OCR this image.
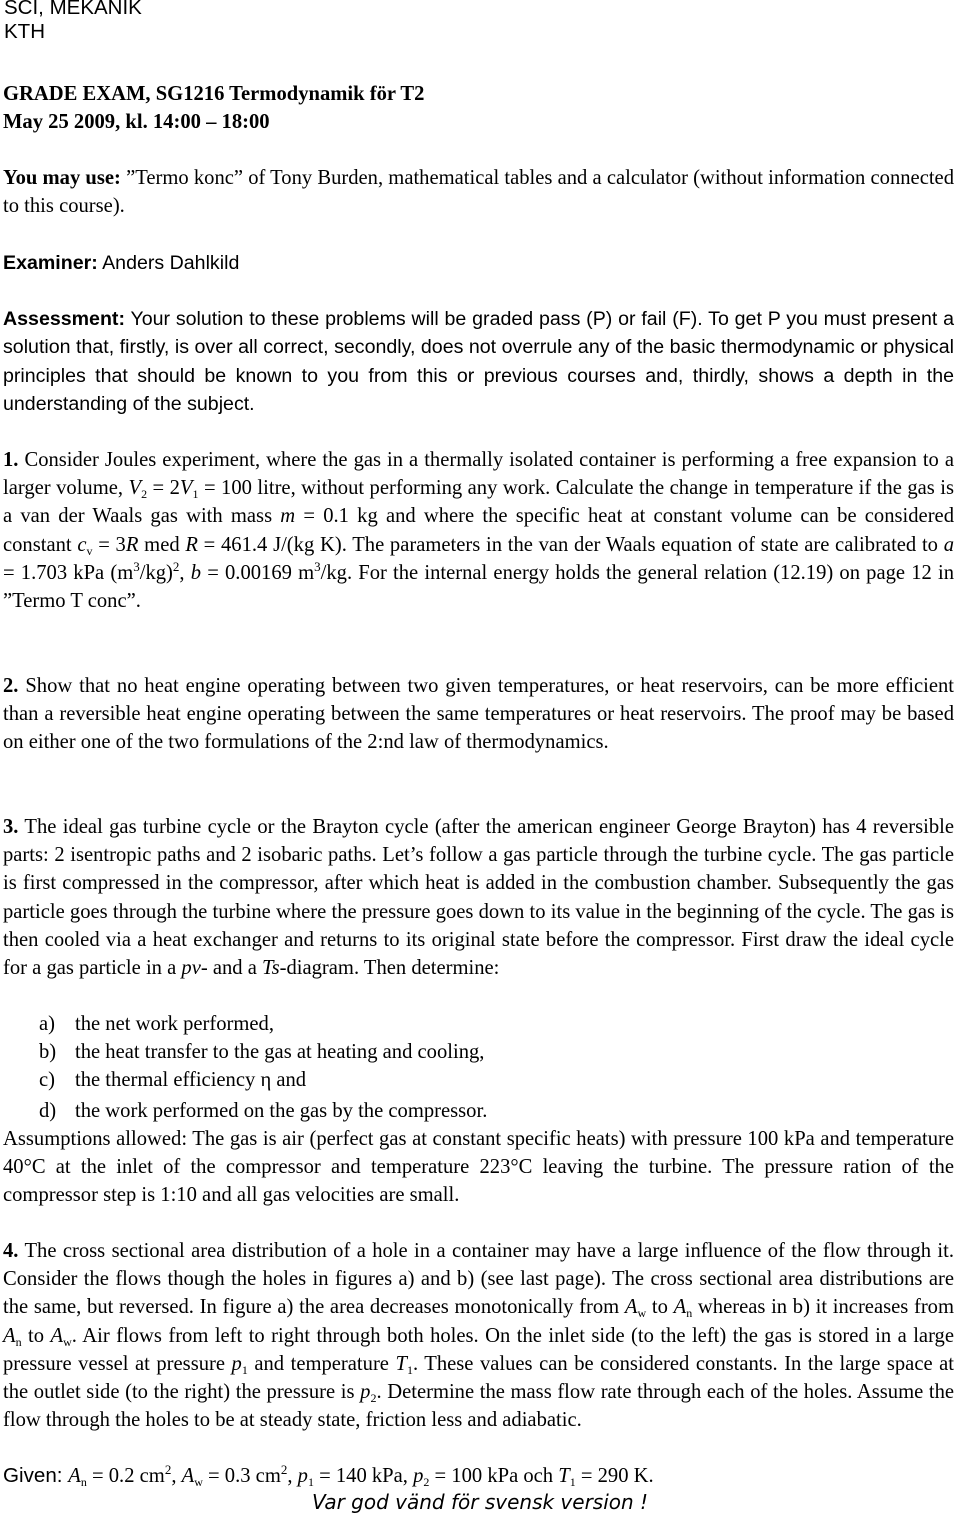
SCI, MEKANIK
KTH
GRADE EXAM, SG1216 Termodynamik för T2
May 25 2009, kl. 14:00 – 18:00
You may use: ”Termo konc” of Tony Burden, mathematical tables and a calculator (without information connected to this course).
Examiner: Anders Dahlkild
Assessment: Your solution to these problems will be graded pass (P) or fail (F). To get P you must present a solution that, firstly, is over all correct, secondly, does not overrule any of the basic thermodynamic or physical principles that should be known to you from this or previous courses and, thirdly, shows a depth in the understanding of the subject.
1. Consider Joules experiment, where the gas in a thermally isolated container is performing a free expansion to a larger volume, $V_2 = 2V_1 = 100$ litre, without performing any work. Calculate the change in temperature if the gas is a van der Waals gas with mass m = 0.1 kg and where the specific heat at constant volume can be considered constant $c_v = 3R$ med R = 461.4 J/(kg K). The parameters in the van der Waals equation of state are calibrated to a = 1.703 kPa $(m^3/kg)^2$, b = 0.00169 $m^3/kg$. For the internal energy holds the general relation (12.19) on page 12 in ”Termo T conc”.
2. Show that no heat engine operating between two given temperatures, or heat reservoirs, can be more efficient than a reversible heat engine operating between the same temperatures or heat reservoirs. The proof may be based on either one of the two formulations of the 2:nd law of thermodynamics.
3. The ideal gas turbine cycle or the Brayton cycle (after the american engineer George Brayton) has 4 reversible parts: 2 isentropic paths and 2 isobaric paths. Let’s follow a gas particle through the turbine cycle. The gas particle is first compressed in the compressor, after which heat is added in the combustion chamber. Subsequently the gas particle goes through the turbine where the pressure goes down to its value in the beginning of the cycle. The gas is then cooled via a heat exchanger and returns to its original state before the compressor. First draw the ideal cycle for a gas particle in a pv- and a Ts-diagram. Then determine:
a) the net work performed,
b) the heat transfer to the gas at heating and cooling,
c) the thermal efficiency η and
d) the work performed on the gas by the compressor.
Assumptions allowed: The gas is air (perfect gas at constant specific heats) with pressure 100 kPa and temperature 40°C at the inlet of the compressor and temperature 223°C leaving the turbine. The pressure ration of the compressor step is 1:10 and all gas velocities are small.
4. The cross sectional area distribution of a hole in a container may have a large influence of the flow through it. Consider the flows though the holes in figures a) and b) (see last page). The cross sectional area distributions are the same, but reversed. In figure a) the area decreases monotonically from $A_w$ to $A_n$ whereas in b) it increases from $A_n$ to $A_w$. Air flows from left to right through both holes. On the inlet side (to the left) the gas is stored in a large pressure vessel at pressure $p_1$ and temperature $T_1$. These values can be considered constants. In the large space at the outlet side (to the right) the pressure is $p_2$. Determine the mass flow rate through each of the holes. Assume the flow through the holes to be at steady state, friction less and adiabatic.
Given: $A_n = 0.2$ $cm^2$, $A_w = 0.3$ $cm^2$, $p_1 = 140$ kPa, $p_2 = 100$ kPa och $T_1 = 290$ K.
Var god vänd för svensk version !
